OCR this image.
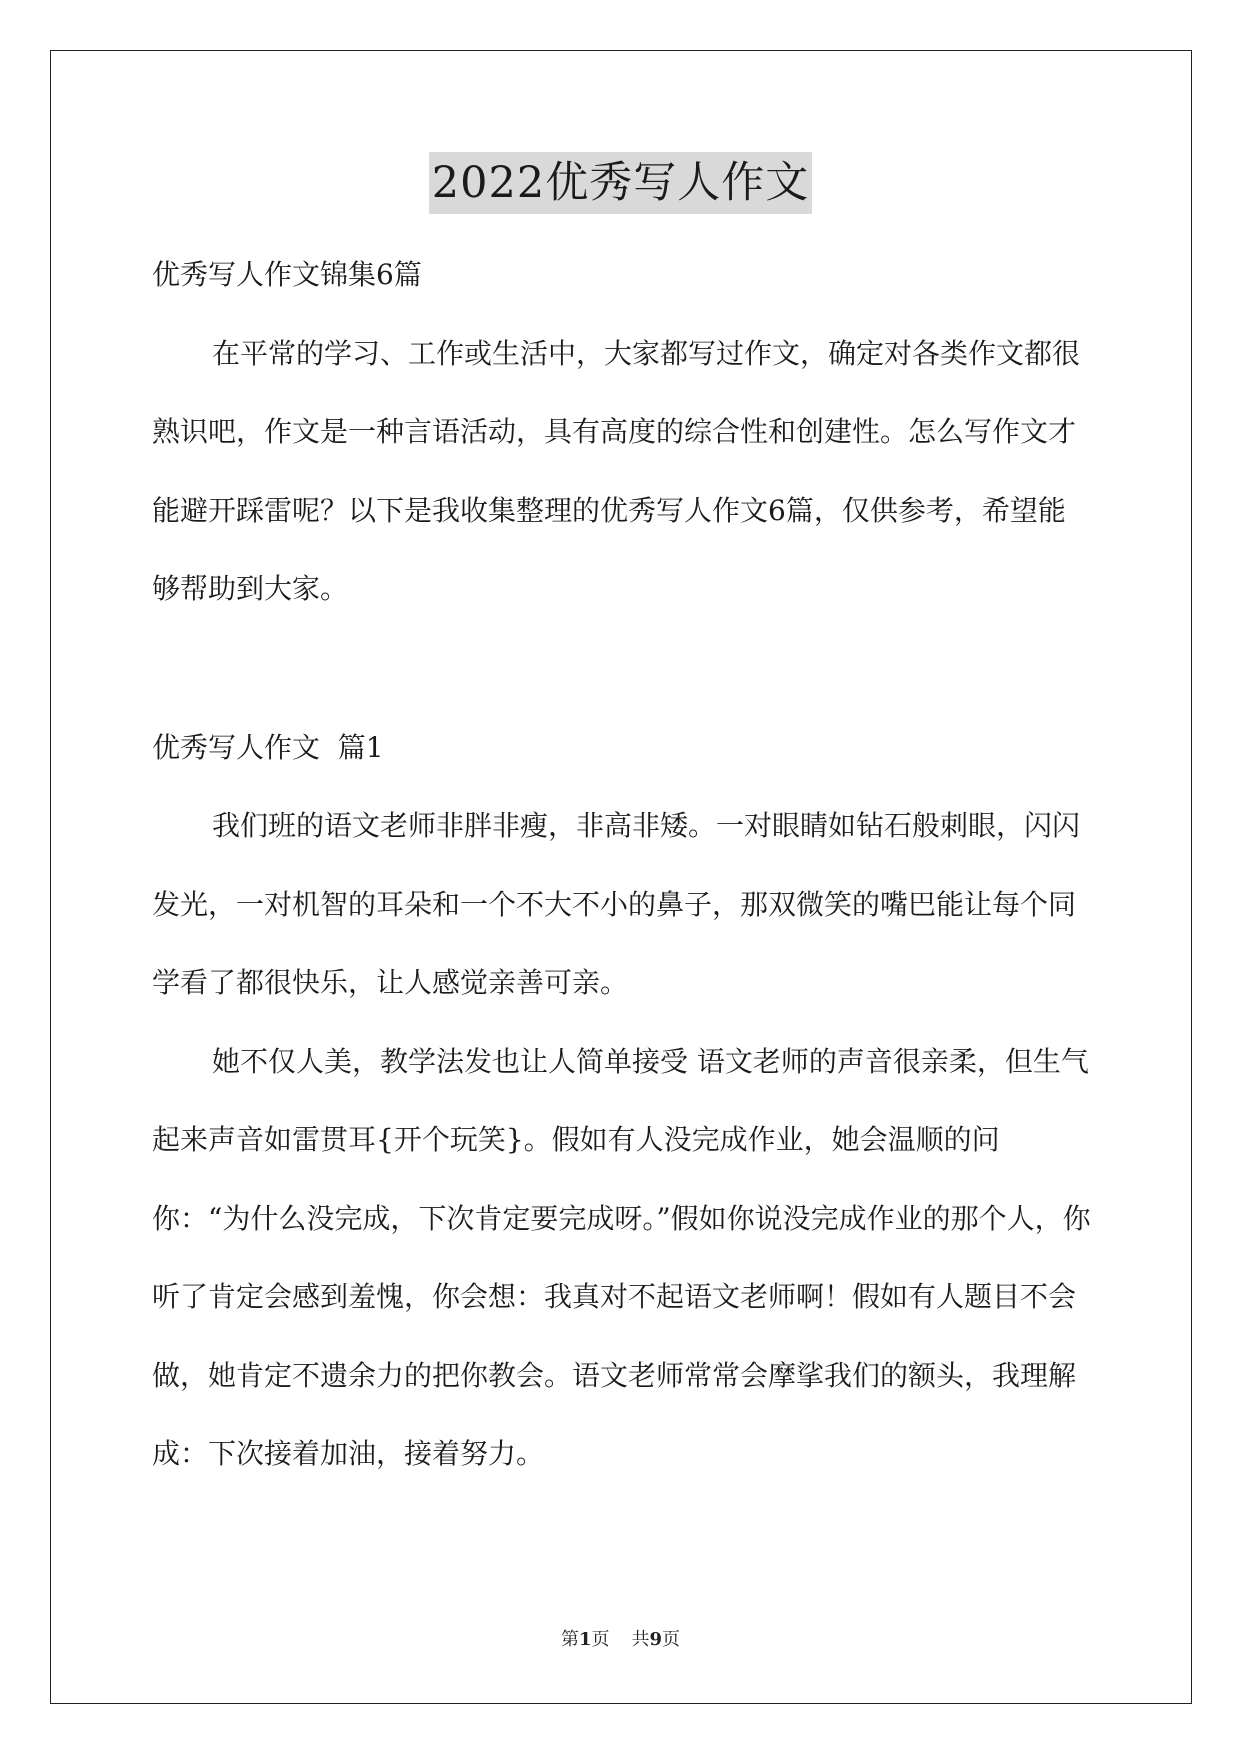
2022优秀写人作文

优秀写人作文锦集6篇

在平常的学习、工作或生活中，大家都写过作文，确定对各类作文都很熟识吧，作文是一种言语活动，具有高度的综合性和创建性。怎么写作文才能避开踩雷呢？以下是我收集整理的优秀写人作文6篇，仅供参考，希望能够帮助到大家。

优秀写人作文  篇1

我们班的语文老师非胖非瘦，非高非矮。一对眼睛如钻石般刺眼，闪闪发光，一对机智的耳朵和一个不大不小的鼻子，那双微笑的嘴巴能让每个同学看了都很快乐，让人感觉亲善可亲。

她不仅人美，教学法发也让人简单接受 语文老师的声音很亲柔，但生气起来声音如雷贯耳{开个玩笑}。假如有人没完成作业，她会温顺的问你：“为什么没完成，下次肯定要完成呀。”假如你说没完成作业的那个人，你听了肯定会感到羞愧，你会想：我真对不起语文老师啊！假如有人题目不会做，她肯定不遗余力的把你教会。语文老师常常会摩挲我们的额头，我理解成：下次接着加油，接着努力。

第1页 共9页
